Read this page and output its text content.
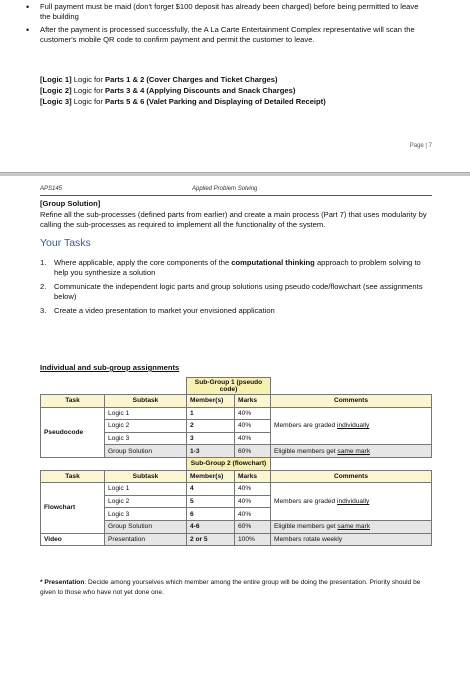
• Full payment must be maid (don't forget $100 deposit has already been charged) before being permitted to leave the building
• After the payment is processed successfully, the A La Carte Entertainment Complex representative will scan the customer's mobile QR code to confirm payment and permit the customer to leave.
[Logic 1] Logic for Parts 1 & 2 (Cover Charges and Ticket Charges)
[Logic 2] Logic for Parts 3 & 4 (Applying Discounts and Snack Charges)
[Logic 3] Logic for Parts 5 & 6 (Valet Parking and Displaying of Detailed Receipt)
Page | 7
APS145	Applied Problem Solving
[Group Solution]
Refine all the sub-processes (defined parts from earlier) and create a main process (Part 7) that uses modularity by calling the sub-processes as required to implement all the functionality of the system.
Your Tasks
1. Where applicable, apply the core components of the computational thinking approach to problem solving to help you synthesize a solution
2. Communicate the independent logic parts and group solutions using pseudo code/flowchart (see assignments below)
3. Create a video presentation to market your envisioned application
Individual and sub-group assignments
		Sub-Group 1 (pseudo code)		
Task	Subtask	Member(s)	Marks	Comments
Pseudocode	Logic 1	1	40%	Members are graded individually
	Logic 2	2	40%	
	Logic 3	3	40%	
	Group Solution	1-3	60%	Eligible members get same mark
		Sub-Group 2 (flowchart)		
Task	Subtask	Member(s)	Marks	Comments
Flowchart	Logic 1	4	40%	Members are graded individually
	Logic 2	5	40%	
	Logic 3	6	40%	
	Group Solution	4-6	60%	Eligible members get same mark
Video	Presentation	2 or 5	100%	Members rotate weekly
* Presentation: Decide among yourselves which member among the entire group will be doing the presentation. Priority should be given to those who have not yet done one.
